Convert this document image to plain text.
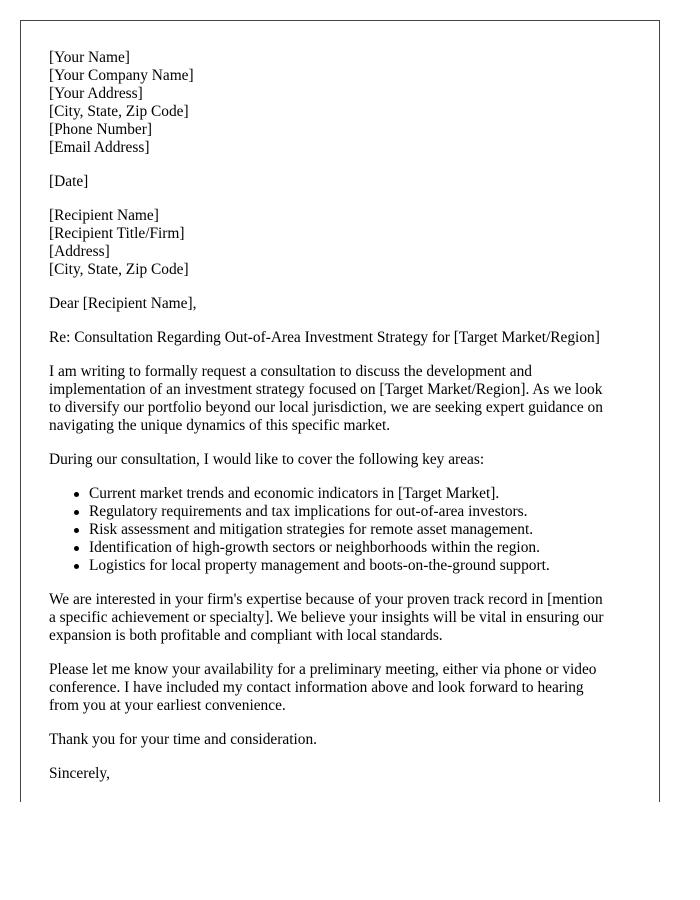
[Your Name]
[Your Company Name]
[Your Address]
[City, State, Zip Code]
[Phone Number]
[Email Address]
[Date]
[Recipient Name]
[Recipient Title/Firm]
[Address]
[City, State, Zip Code]

Dear [Recipient Name],

Re: Consultation Regarding Out-of-Area Investment Strategy for [Target Market/Region]

I am writing to formally request a consultation to discuss the development and
implementation of an investment strategy focused on [Target Market/Region]. As we look
to diversify our portfolio beyond our local jurisdiction, we are seeking expert guidance on
navigating the unique dynamics of this specific market.

During our consultation, I would like to cover the following key areas:

Current market trends and economic indicators in [Target Market].
Regulatory requirements and tax implications for out-of-area investors.
Risk assessment and mitigation strategies for remote asset management.
Identification of high-growth sectors or neighborhoods within the region.
Logistics for local property management and boots-on-the-ground support.

We are interested in your firm's expertise because of your proven track record in [mention
a specific achievement or specialty]. We believe your insights will be vital in ensuring our
expansion is both profitable and compliant with local standards.

Please let me know your availability for a preliminary meeting, either via phone or video
conference. I have included my contact information above and look forward to hearing
from you at your earliest convenience.

Thank you for your time and consideration.

Sincerely,
